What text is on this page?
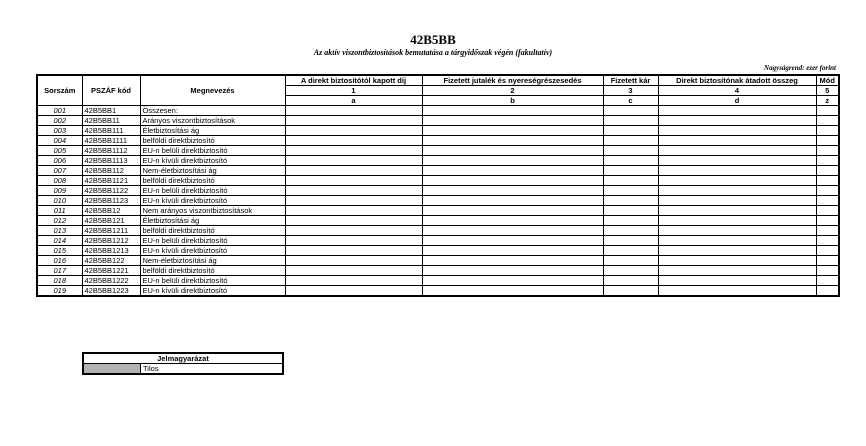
42B5BB
Az aktív viszontbiztosítások bemutatása a tárgyidőszak végén (fakultatív)
Nagyságrend: ezer forint
Sorszám	PSZÁF kód	Megnevezés	A direkt biztosítótól kapott díj	Fizetett jutalék és nyereségrészesedés	Fizetett kár	Direkt biztosítónak átadott összeg	Mód
			1	2	3	4	5
			a	b	c	d	z
001	42B5BB1	Összesen:					
002	42B5BB11	Arányos viszontbiztosítások					
003	42B5BB111	Életbiztosítási ág					
004	42B5BB1111	belföldi direktbiztosító					
005	42B5BB1112	EU-n belüli direktbiztosító					
006	42B5BB1113	EU-n kívüli direktbiztosító					
007	42B5BB112	Nem-életbiztosítási ág					
008	42B5BB1121	belföldi direktbiztosító					
009	42B5BB1122	EU-n belüli direktbiztosító					
010	42B5BB1123	EU-n kívüli direktbiztosító					
011	42B5BB12	Nem arányos viszontbiztosítások					
012	42B5BB121	Életbiztosítási ág					
013	42B5BB1211	belföldi direktbiztosító					
014	42B5BB1212	EU-n belüli direktbiztosító					
015	42B5BB1213	EU-n kívüli direktbiztosító					
016	42B5BB122	Nem-életbiztosítási ág					
017	42B5BB1221	belföldi direktbiztosító					
018	42B5BB1222	EU-n belüli direktbiztosító					
019	42B5BB1223	EU-n kívüli direktbiztosító					
Jelmagyarázat
	Tilos
